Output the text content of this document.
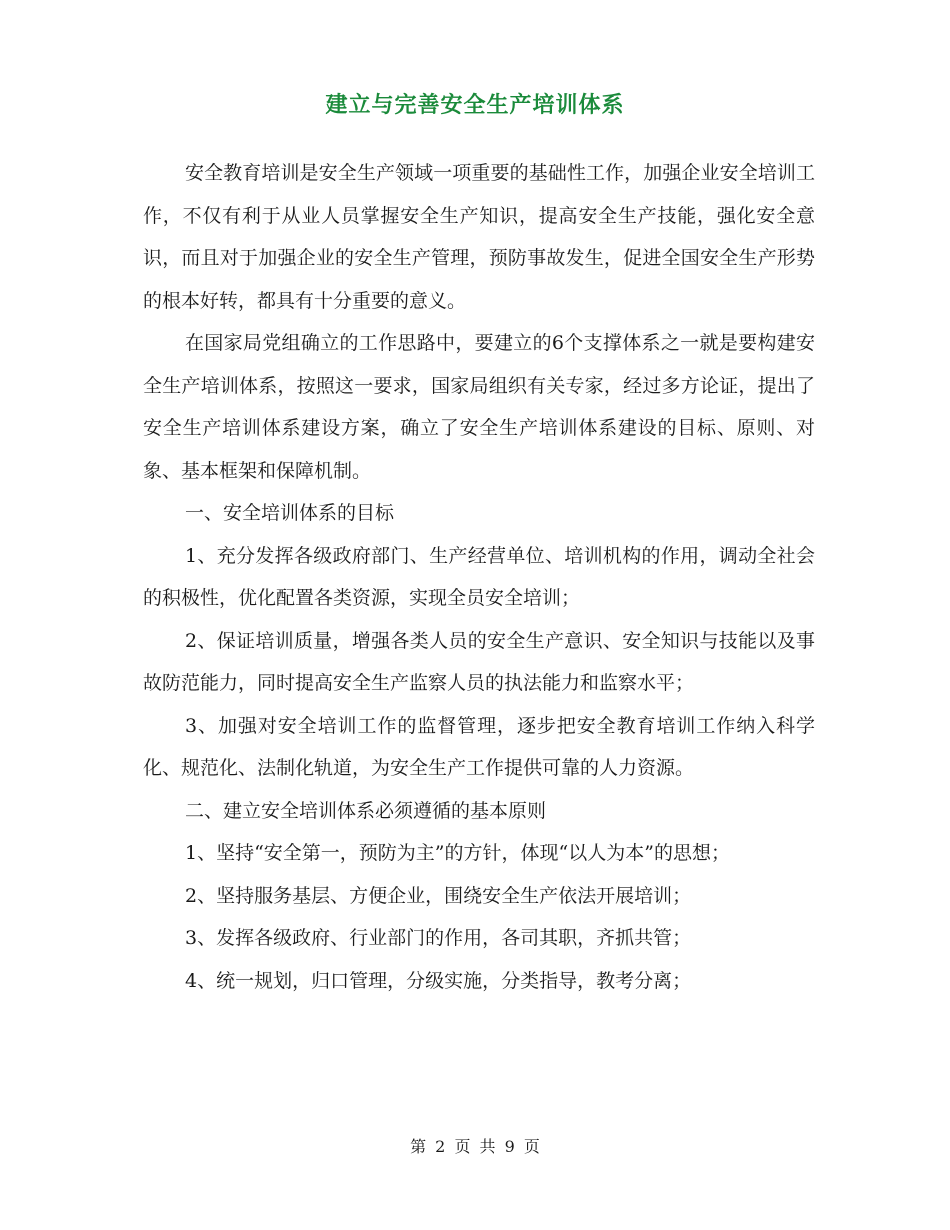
建立与完善安全生产培训体系

安全教育培训是安全生产领域一项重要的基础性工作，加强企业安全培训工作，不仅有利于从业人员掌握安全生产知识，提高安全生产技能，强化安全意识，而且对于加强企业的安全生产管理，预防事故发生，促进全国安全生产形势的根本好转，都具有十分重要的意义。

在国家局党组确立的工作思路中，要建立的6个支撑体系之一就是要构建安全生产培训体系，按照这一要求，国家局组织有关专家，经过多方论证，提出了安全生产培训体系建设方案，确立了安全生产培训体系建设的目标、原则、对象、基本框架和保障机制。

一、安全培训体系的目标

1、充分发挥各级政府部门、生产经营单位、培训机构的作用，调动全社会的积极性，优化配置各类资源，实现全员安全培训；

2、保证培训质量，增强各类人员的安全生产意识、安全知识与技能以及事故防范能力，同时提高安全生产监察人员的执法能力和监察水平；

3、加强对安全培训工作的监督管理，逐步把安全教育培训工作纳入科学化、规范化、法制化轨道，为安全生产工作提供可靠的人力资源。

二、建立安全培训体系必须遵循的基本原则

1、坚持“安全第一，预防为主”的方针，体现“以人为本”的思想；

2、坚持服务基层、方便企业，围绕安全生产依法开展培训；

3、发挥各级政府、行业部门的作用，各司其职，齐抓共管；

4、统一规划，归口管理，分级实施，分类指导，教考分离；

第 2 页 共 9 页
